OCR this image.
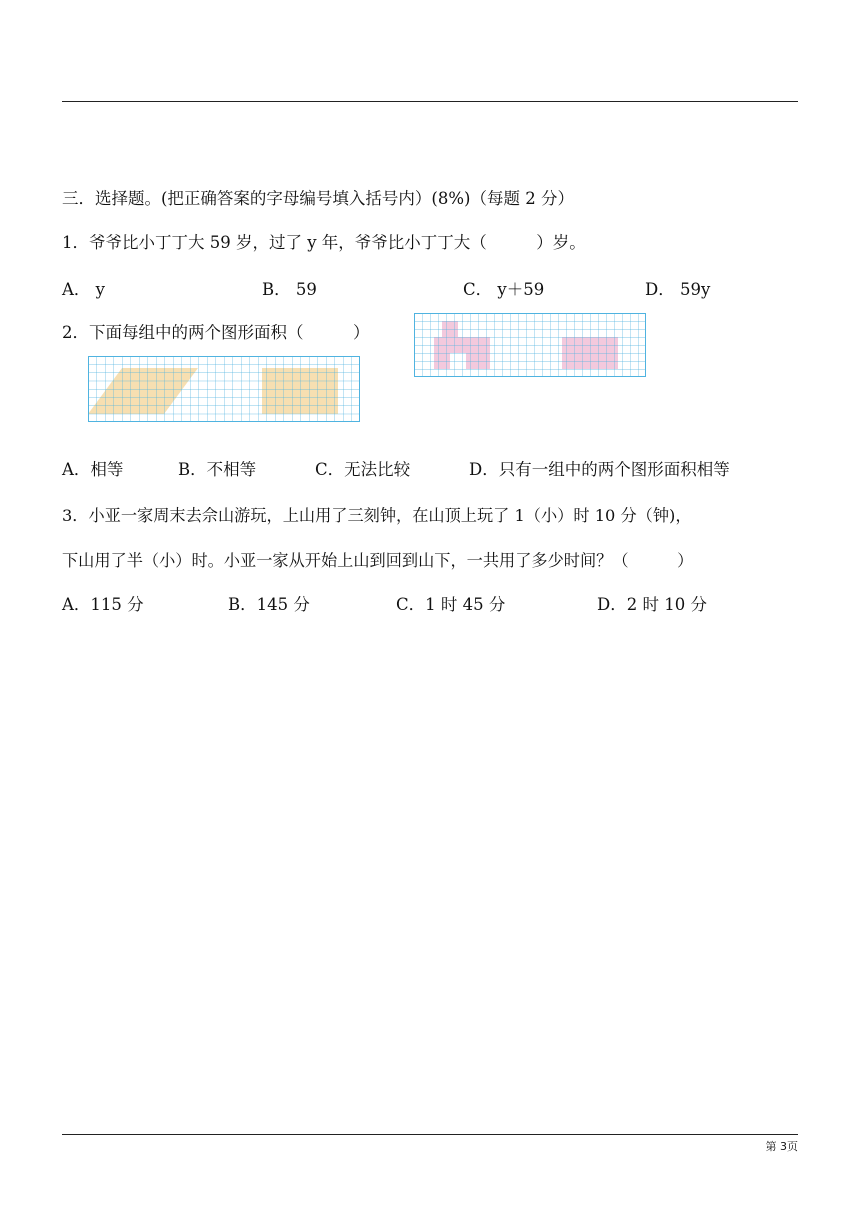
三．选择题。(把正确答案的字母编号填入括号内）(8%)（每题 2 分）
1．爷爷比小丁丁大 59 岁，过了 y 年，爷爷比小丁丁大（　　　）岁。
A． y	B． 59	C． y＋59	D． 59y
2．下面每组中的两个图形面积（　　　）
A．相等	B．不相等	C．无法比较	D．只有一组中的两个图形面积相等
3．小亚一家周末去佘山游玩，上山用了三刻钟，在山顶上玩了 1（小）时 10 分（钟)，
下山用了半（小）时。小亚一家从开始上山到回到山下，一共用了多少时间？（　　　）
A．115 分	B．145 分	C．1 时 45 分	D．2 时 10 分
第 3页
